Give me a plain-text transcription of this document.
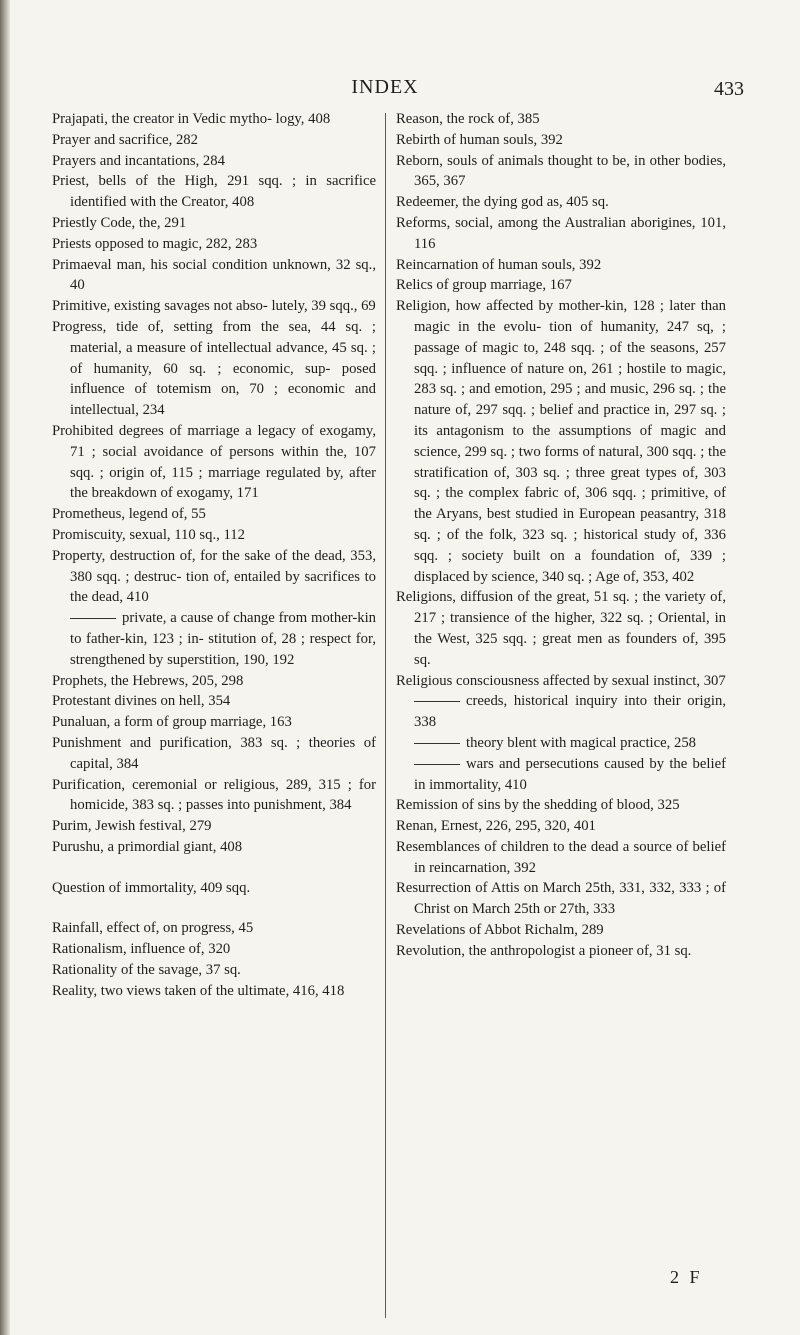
INDEX	433

Prajapati, the creator in Vedic mytho- logy, 408

Prayer and sacrifice, 282

Prayers and incantations, 284

Priest, bells of the High, 291 sqq. ; in sacrifice identified with the Creator, 408

Priestly Code, the, 291

Priests opposed to magic, 282, 283

Primaeval man, his social condition unknown, 32 sq., 40

Primitive, existing savages not abso- lutely, 39 sqq., 69

Progress, tide of, setting from the sea, 44 sq. ; material, a measure of intellectual advance, 45 sq. ; of humanity, 60 sq. ; economic, sup- posed influence of totemism on, 70 ; economic and intellectual, 234

Prohibited degrees of marriage a legacy of exogamy, 71 ; social avoidance of persons within the, 107 sqq. ; origin of, 115 ; marriage regulated by, after the breakdown of exogamy, 171

Prometheus, legend of, 55

Promiscuity, sexual, 110 sq., 112

Property, destruction of, for the sake of the dead, 353, 380 sqq. ; destruc- tion of, entailed by sacrifices to the dead, 410

private, a cause of change from mother-kin to father-kin, 123 ; in- stitution of, 28 ; respect for, strengthened by superstition, 190, 192

Prophets, the Hebrews, 205, 298

Protestant divines on hell, 354

Punaluan, a form of group marriage, 163

Punishment and purification, 383 sq. ; theories of capital, 384

Purification, ceremonial or religious, 289, 315 ; for homicide, 383 sq. ; passes into punishment, 384

Purim, Jewish festival, 279

Purushu, a primordial giant, 408

Question of immortality, 409 sqq.

Rainfall, effect of, on progress, 45

Rationalism, influence of, 320

Rationality of the savage, 37 sq.

Reality, two views taken of the ultimate, 416, 418

Reason, the rock of, 385

Rebirth of human souls, 392

Reborn, souls of animals thought to be, in other bodies, 365, 367

Redeemer, the dying god as, 405 sq.

Reforms, social, among the Australian aborigines, 101, 116

Reincarnation of human souls, 392

Relics of group marriage, 167

Religion, how affected by mother-kin, 128 ; later than magic in the evolu- tion of humanity, 247 sq, ; passage of magic to, 248 sqq. ; of the seasons, 257 sqq. ; influence of nature on, 261 ; hostile to magic, 283 sq. ; and emotion, 295 ; and music, 296 sq. ; the nature of, 297 sqq. ; belief and practice in, 297 sq. ; its antagonism to the assumptions of magic and science, 299 sq. ; two forms of natural, 300 sqq. ; the stratification of, 303 sq. ; three great types of, 303 sq. ; the complex fabric of, 306 sqq. ; primitive, of the Aryans, best studied in European peasantry, 318 sq. ; of the folk, 323 sq. ; historical study of, 336 sqq. ; society built on a foundation of, 339 ; displaced by science, 340 sq. ; Age of, 353, 402

Religions, diffusion of the great, 51 sq. ; the variety of, 217 ; transience of the higher, 322 sq. ; Oriental, in the West, 325 sqq. ; great men as founders of, 395 sq.

Religious consciousness affected by sexual instinct, 307

creeds, historical inquiry into their origin, 338

theory blent with magical practice, 258

wars and persecutions caused by the belief in immortality, 410

Remission of sins by the shedding of blood, 325

Renan, Ernest, 226, 295, 320, 401

Resemblances of children to the dead a source of belief in reincarnation, 392

Resurrection of Attis on March 25th, 331, 332, 333 ; of Christ on March 25th or 27th, 333

Revelations of Abbot Richalm, 289

Revolution, the anthropologist a pioneer of, 31 sq.

2 F
